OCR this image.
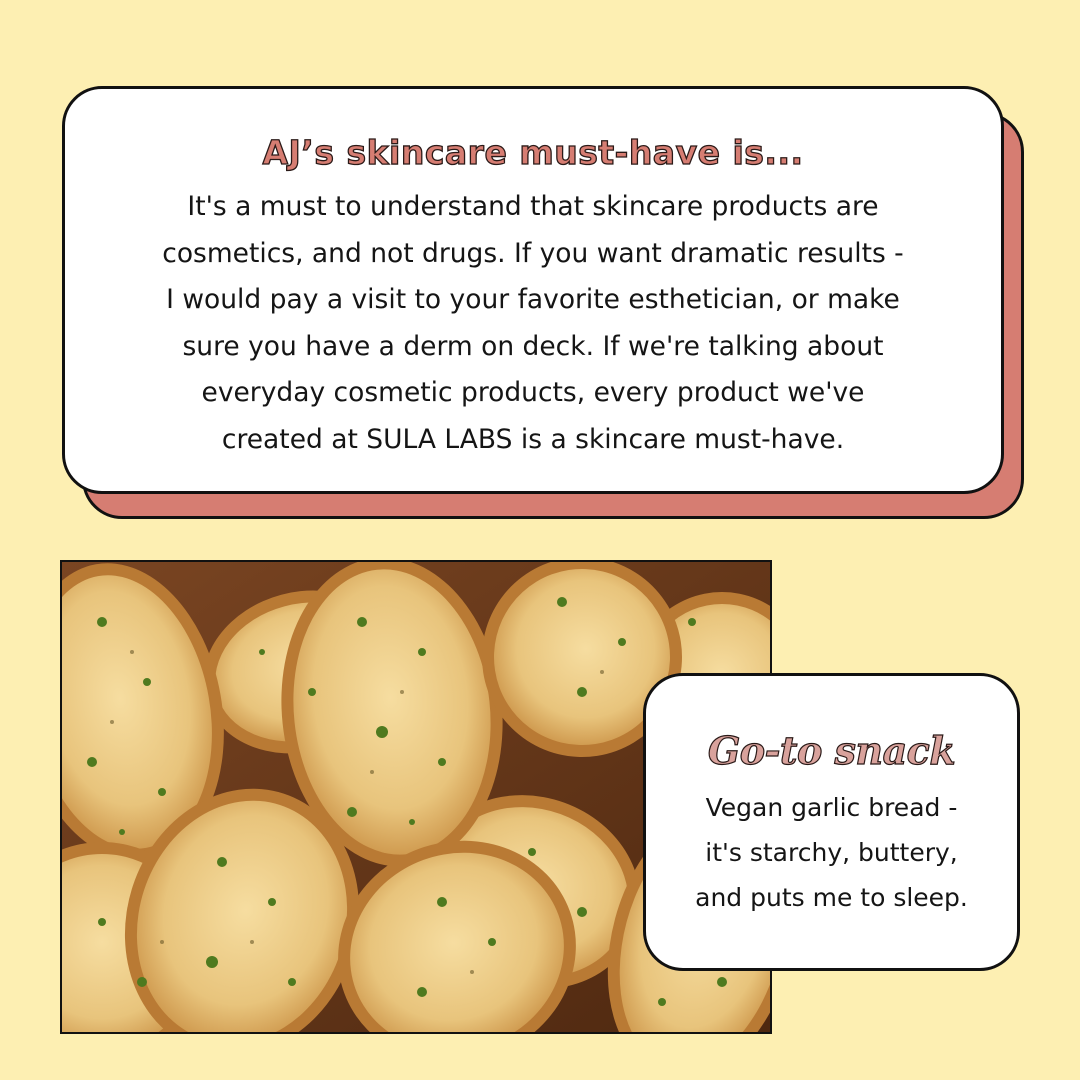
AJ’s skincare must-have is...
It's a must to understand that skincare products are
cosmetics, and not drugs. If you want dramatic results -
I would pay a visit to your favorite esthetician, or make
sure you have a derm on deck. If we're talking about
everyday cosmetic products, every product we've
created at SULA LABS is a skincare must-have.
Go-to snack
Vegan garlic bread -
it's starchy, buttery,
and puts me to sleep.
